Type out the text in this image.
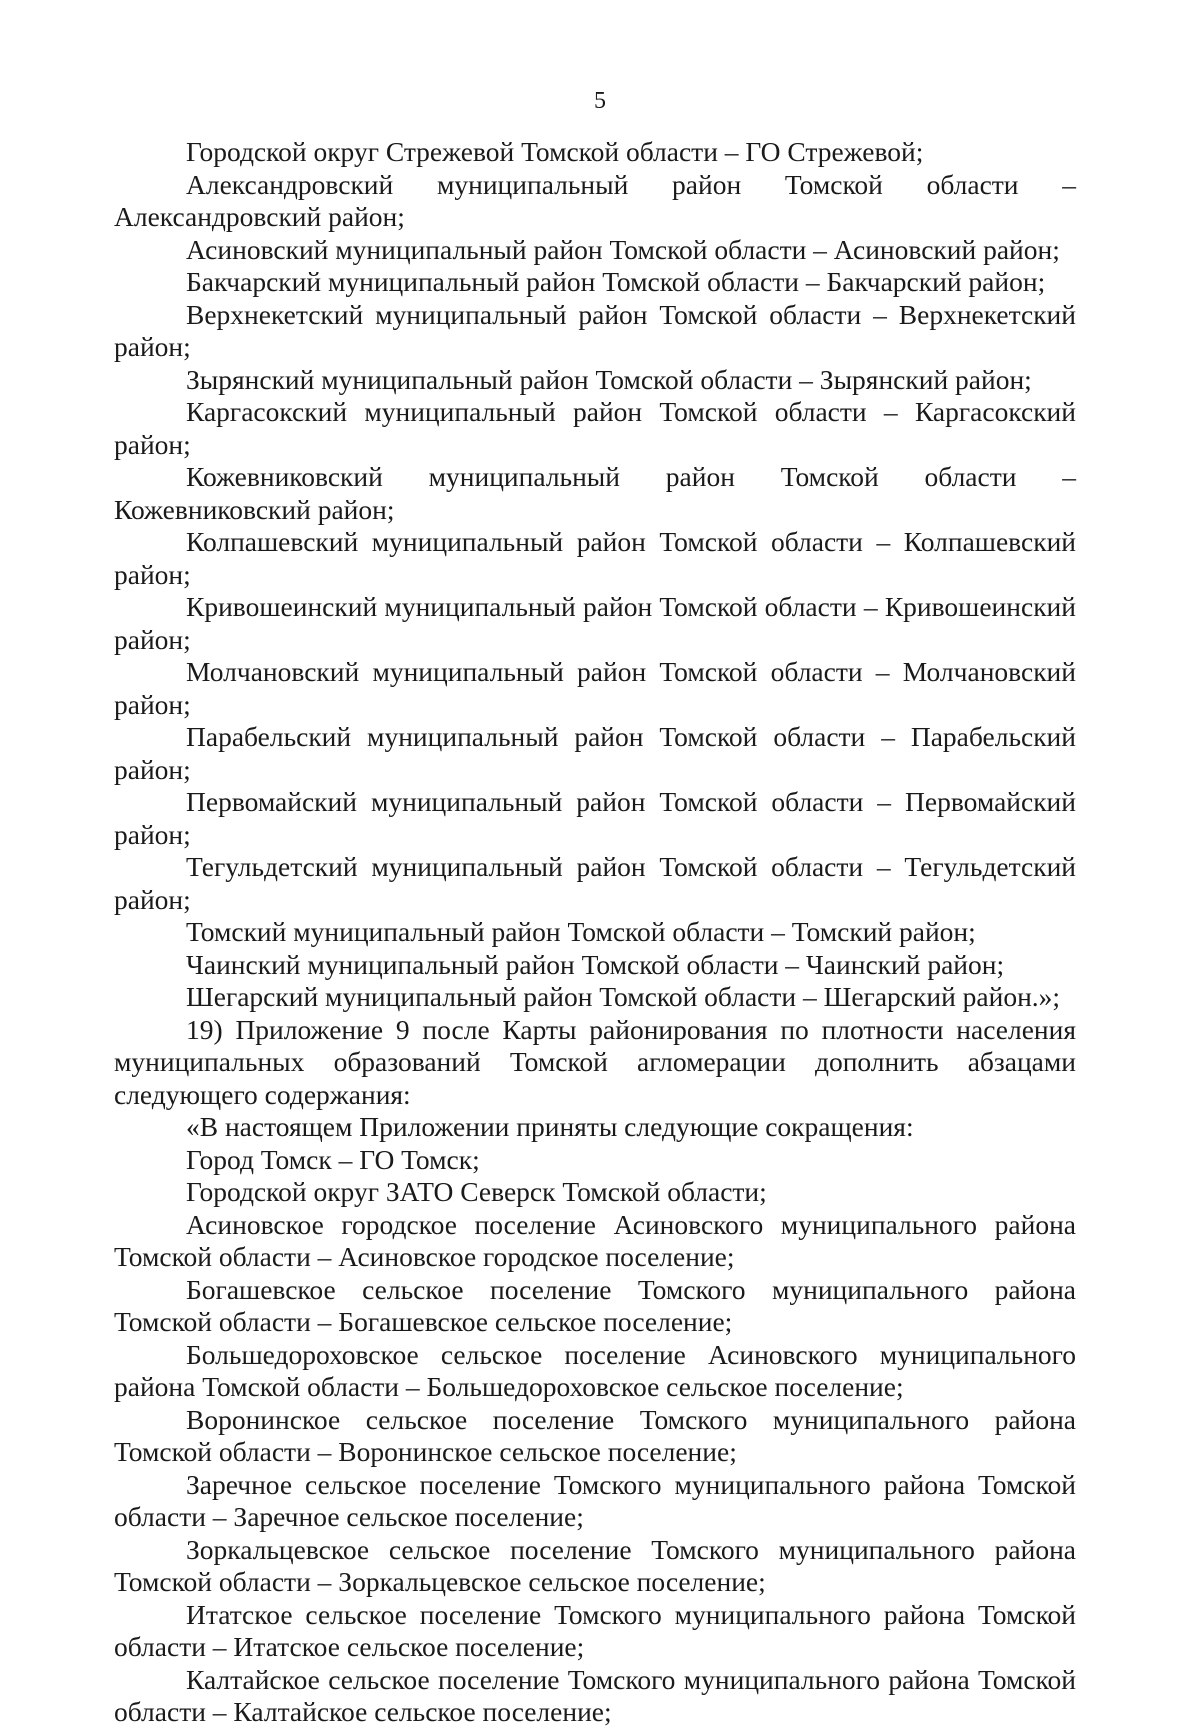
5

Городской округ Стрежевой Томской области – ГО Стрежевой;

Александровский муниципальный район Томской области – Александровский район;

Асиновский муниципальный район Томской области – Асиновский район;

Бакчарский муниципальный район Томской области – Бакчарский район;

Верхнекетский муниципальный район Томской области – Верхнекетский район;

Зырянский муниципальный район Томской области – Зырянский район;

Каргасокский муниципальный район Томской области – Каргасокский район;

Кожевниковский муниципальный район Томской области – Кожевниковский район;

Колпашевский муниципальный район Томской области – Колпашевский район;

Кривошеинский муниципальный район Томской области – Кривошеинский район;

Молчановский муниципальный район Томской области – Молчановский район;

Парабельский муниципальный район Томской области – Парабельский район;

Первомайский муниципальный район Томской области – Первомайский район;

Тегульдетский муниципальный район Томской области – Тегульдетский район;

Томский муниципальный район Томской области – Томский район;

Чаинский муниципальный район Томской области – Чаинский район;

Шегарский муниципальный район Томской области – Шегарский район.»;

19) Приложение 9 после Карты районирования по плотности населения муниципальных образований Томской агломерации дополнить абзацами следующего содержания:

«В настоящем Приложении приняты следующие сокращения:

Город Томск – ГО Томск;

Городской округ ЗАТО Северск Томской области;

Асиновское городское поселение Асиновского муниципального района Томской области – Асиновское городское поселение;

Богашевское сельское поселение Томского муниципального района Томской области – Богашевское сельское поселение;

Большедороховское сельское поселение Асиновского муниципального района Томской области – Большедороховское сельское поселение;

Воронинское сельское поселение Томского муниципального района Томской области – Воронинское сельское поселение;

Заречное сельское поселение Томского муниципального района Томской области – Заречное сельское поселение;

Зоркальцевское сельское поселение Томского муниципального района Томской области – Зоркальцевское сельское поселение;

Итатское сельское поселение Томского муниципального района Томской области – Итатское сельское поселение;

Калтайское сельское поселение Томского муниципального района Томской области – Калтайское сельское поселение;
